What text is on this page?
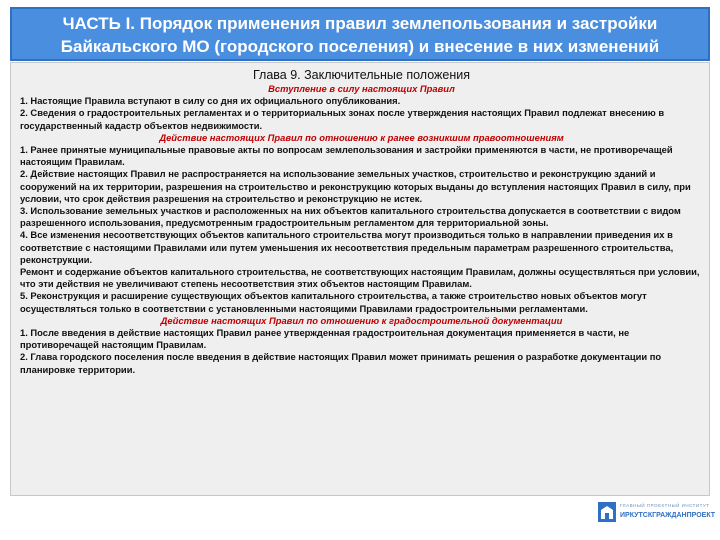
ЧАСТЬ I. Порядок применения правил землепользования и застройки
Байкальского МО (городского поселения) и внесение в них изменений
Глава 9. Заключительные положения
Вступление в силу настоящих Правил

1. Настоящие Правила вступают в силу со дня их официального опубликования.

2. Сведения о градостроительных регламентах и о территориальных зонах после утверждения настоящих Правил подлежат внесению в государственный кадастр объектов недвижимости.

Действие настоящих Правил по отношению к ранее возникшим правоотношениям

1. Ранее принятые муниципальные правовые акты по вопросам землепользования и застройки применяются в части, не противоречащей настоящим Правилам.

2. Действие настоящих Правил не распространяется на использование земельных участков, строительство и реконструкцию зданий и сооружений на их территории, разрешения на строительство и реконструкцию которых выданы до вступления настоящих Правил в силу, при условии, что срок действия разрешения на строительство и реконструкцию не истек.

3. Использование земельных участков и расположенных на них объектов капитального строительства допускается в соответствии с видом разрешенного использования, предусмотренным градостроительным регламентом для территориальной зоны.

4. Все изменения несоответствующих объектов капитального строительства могут производиться только в направлении приведения их в соответствие с настоящими Правилами или путем уменьшения их несоответствия предельным параметрам разрешенного строительства, реконструкции.

Ремонт и содержание объектов капитального строительства, не соответствующих настоящим Правилам, должны осуществляться при условии, что эти действия не увеличивают степень несоответствия этих объектов настоящим Правилам.

5. Реконструкция и расширение существующих объектов капитального строительства, а также строительство новых объектов могут осуществляться только в соответствии с установленными настоящими Правилами градостроительными регламентами.

Действие настоящих Правил по отношению к градостроительной документации

1. После введения в действие настоящих Правил ранее утвержденная градостроительная документация применяется в части, не противоречащей настоящим Правилам.

2. Глава городского поселения после введения в действие настоящих Правил может принимать решения о разработке документации по планировке территории.

ГЛАВНЫЙ ПРОЕКТНЫЙ ИНСТИТУТ
ИРКУТСКГРАЖДАНПРОЕКТ
